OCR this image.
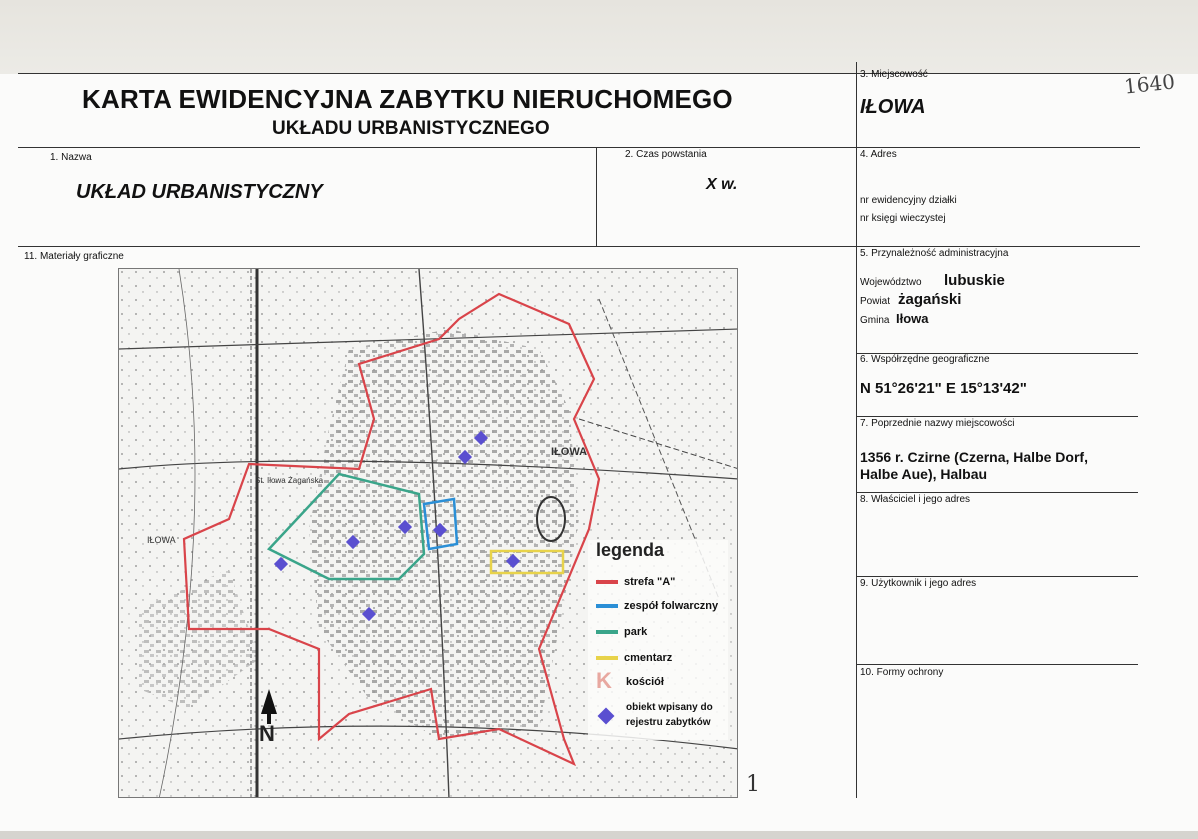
KARTA EWIDENCYJNA ZABYTKU NIERUCHOMEGO
UKŁADU URBANISTYCZNEGO
1640
3. Miejscowość
IŁOWA
1. Nazwa
UKŁAD URBANISTYCZNY
2. Czas powstania
X w.
4. Adres
nr ewidencyjny działki
nr księgi wieczystej
11. Materiały graficzne	5. Przynależność administracyjna
Województwo lubuskie
Powiat żagański
Gmina Iłowa
6. Współrzędne geograficzne
N 51°26'21" E 15°13'42"
7. Poprzednie nazwy miejscowości
1356 r. Czirne (Czerna, Halbe Dorf,
Halbe Aue), Halbau
8. Właściciel i jego adres
9. Użytkownik i jego adres
10. Formy ochrony
IŁOWA
IŁOWA
St. Iłowa Żagańska
N
legenda
strefa "A"
zespół folwarczny
park
cmentarz
K kościół
obiekt wpisany do
rejestru zabytków
1
